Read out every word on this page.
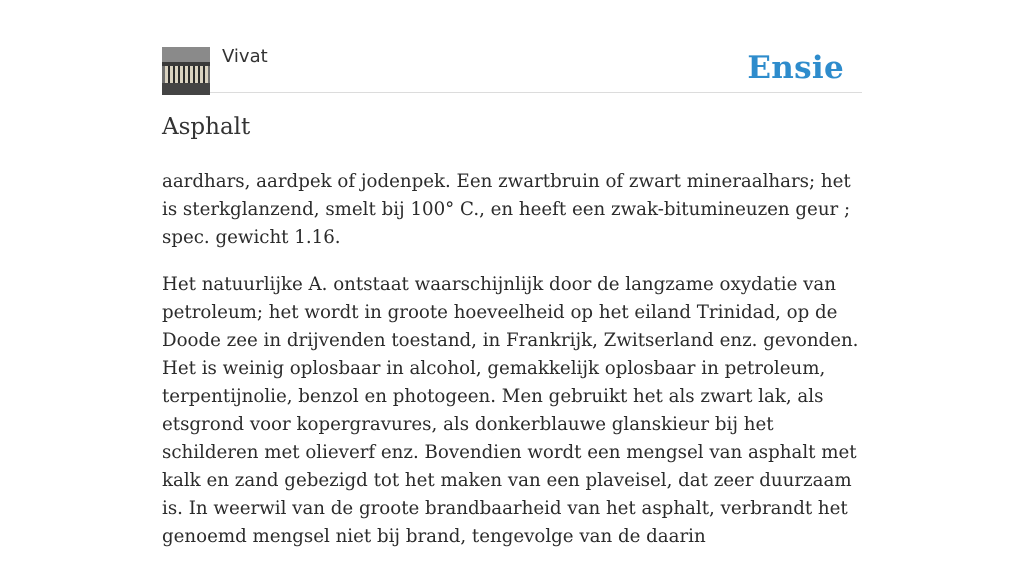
Vivat	Ensie
Asphalt

aardhars, aardpek of jodenpek. Een zwartbruin of zwart mineraalhars; het is sterkglanzend, smelt bij 100° C., en heeft een zwak-bitumineuzen geur ; spec. gewicht 1.16.

Het natuurlijke A. ontstaat waarschijnlijk door de langzame oxydatie van petroleum; het wordt in groote hoeveelheid op het eiland Trinidad, op de Doode zee in drijvenden toestand, in Frankrijk, Zwitserland enz. gevonden. Het is weinig oplosbaar in alcohol, gemakkelijk oplosbaar in petroleum, terpentijnolie, benzol en photogeen. Men gebruikt het als zwart lak, als etsgrond voor kopergravures, als donkerblauwe glanskieur bij het schilderen met olieverf enz. Bovendien wordt een mengsel van asphalt met kalk en zand gebezigd tot het maken van een plaveisel, dat zeer duurzaam is. In weerwil van de groote brandbaarheid van het asphalt, verbrandt het genoemd mengsel niet bij brand, tengevolge van de daarin
